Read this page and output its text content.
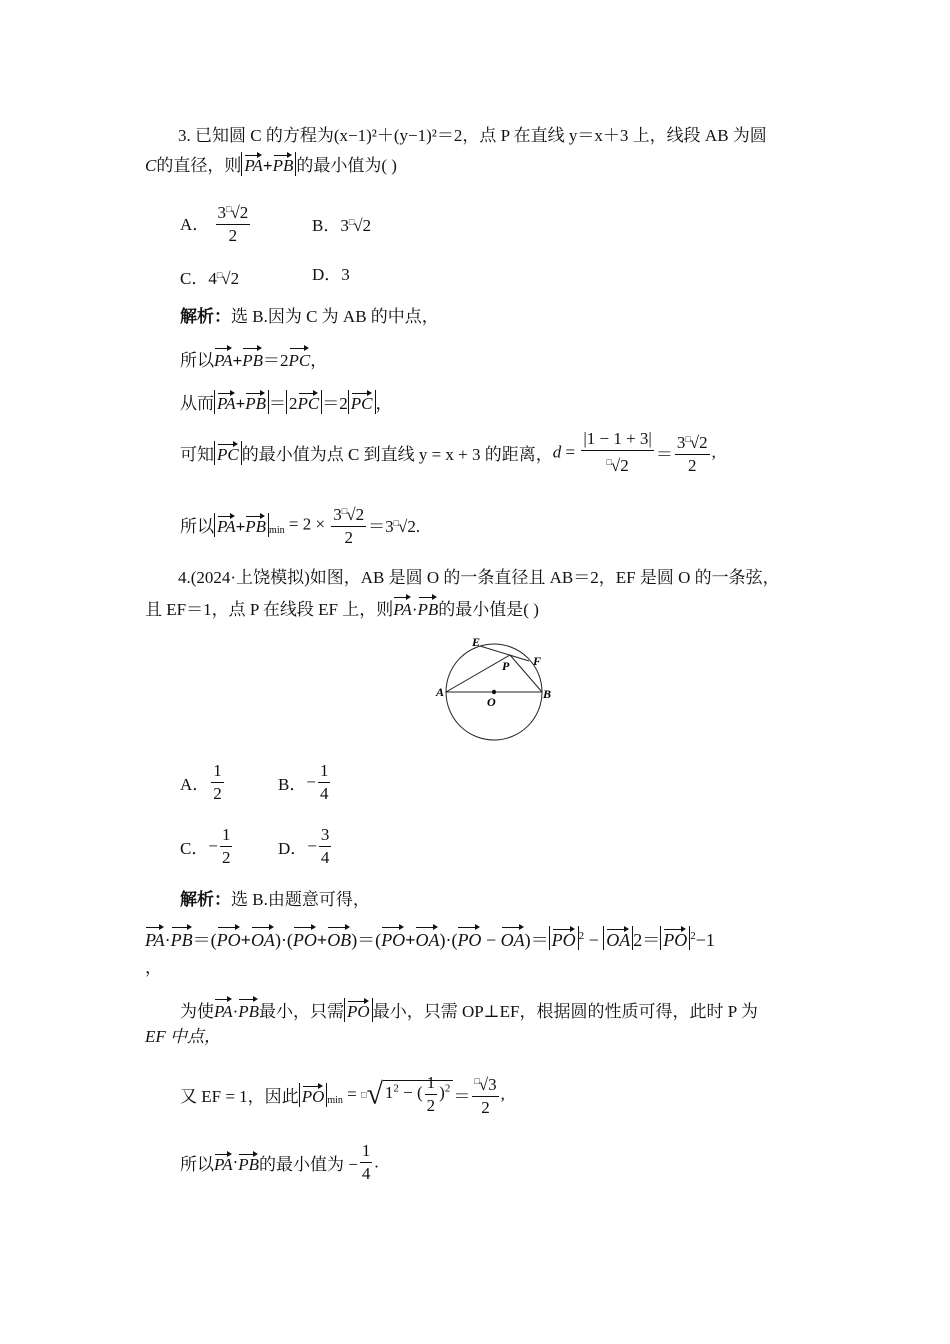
3. 已知圆 C 的方程为(x−1)²＋(y−1)²＝2，点 P 在直线 y＝x＋3 上，线段 AB 为圆
C的直径，则 PA+PB 的最小值为( )
A． $\frac{3^□√2}{2}$	B．3□√2
C．4□√2	D．3
解析：选 B.因为 C 为 AB 的中点，
所以PA+PB＝2PC，
从而 PA+PB ＝ 2PC ＝2 PC ，
可知 PC 的最小值为点 C 到直线 y = x + 3 的距离，$d = \frac{|1 - 1 + 3|}{^□√2} = \frac{3^□√2}{2}$ ,
所以 PA+PB $_{min} = 2 \times \frac{3^□√2}{2} =3^□√2$.
4.(2024·上饶模拟)如图，AB 是圆 O 的一条直径且 AB＝2，EF 是圆 O 的一条弦，
且 EF＝1，点 P 在线段 EF 上，则PA·PB的最小值是( )
A	B
E
F
P
O
A． $\frac{1}{2}$	B．− $\frac{1}{4}$
C．− $\frac{1}{2}$	D．− $\frac{3}{4}$
解析：选 B.由题意可得，
PA·PB＝(PO+OA)·(PO+OB)＝(PO+OA)·(PO − OA)＝ PO $^2$ − OA 2＝ PO $^2$−1
，
为使PA·PB最小，只需 PO 最小，只需 OP⊥EF，根据圆的性质可得，此时 P 为
EF 中点，
又 EF = 1，因此 PO $_{min}$ = □√ $1^2$ − ( $\frac{1}{2} )^2 = \frac{^□√3}{2}$ ,
所以PA·PB的最小值为 − $\frac{1}{4}$ .
